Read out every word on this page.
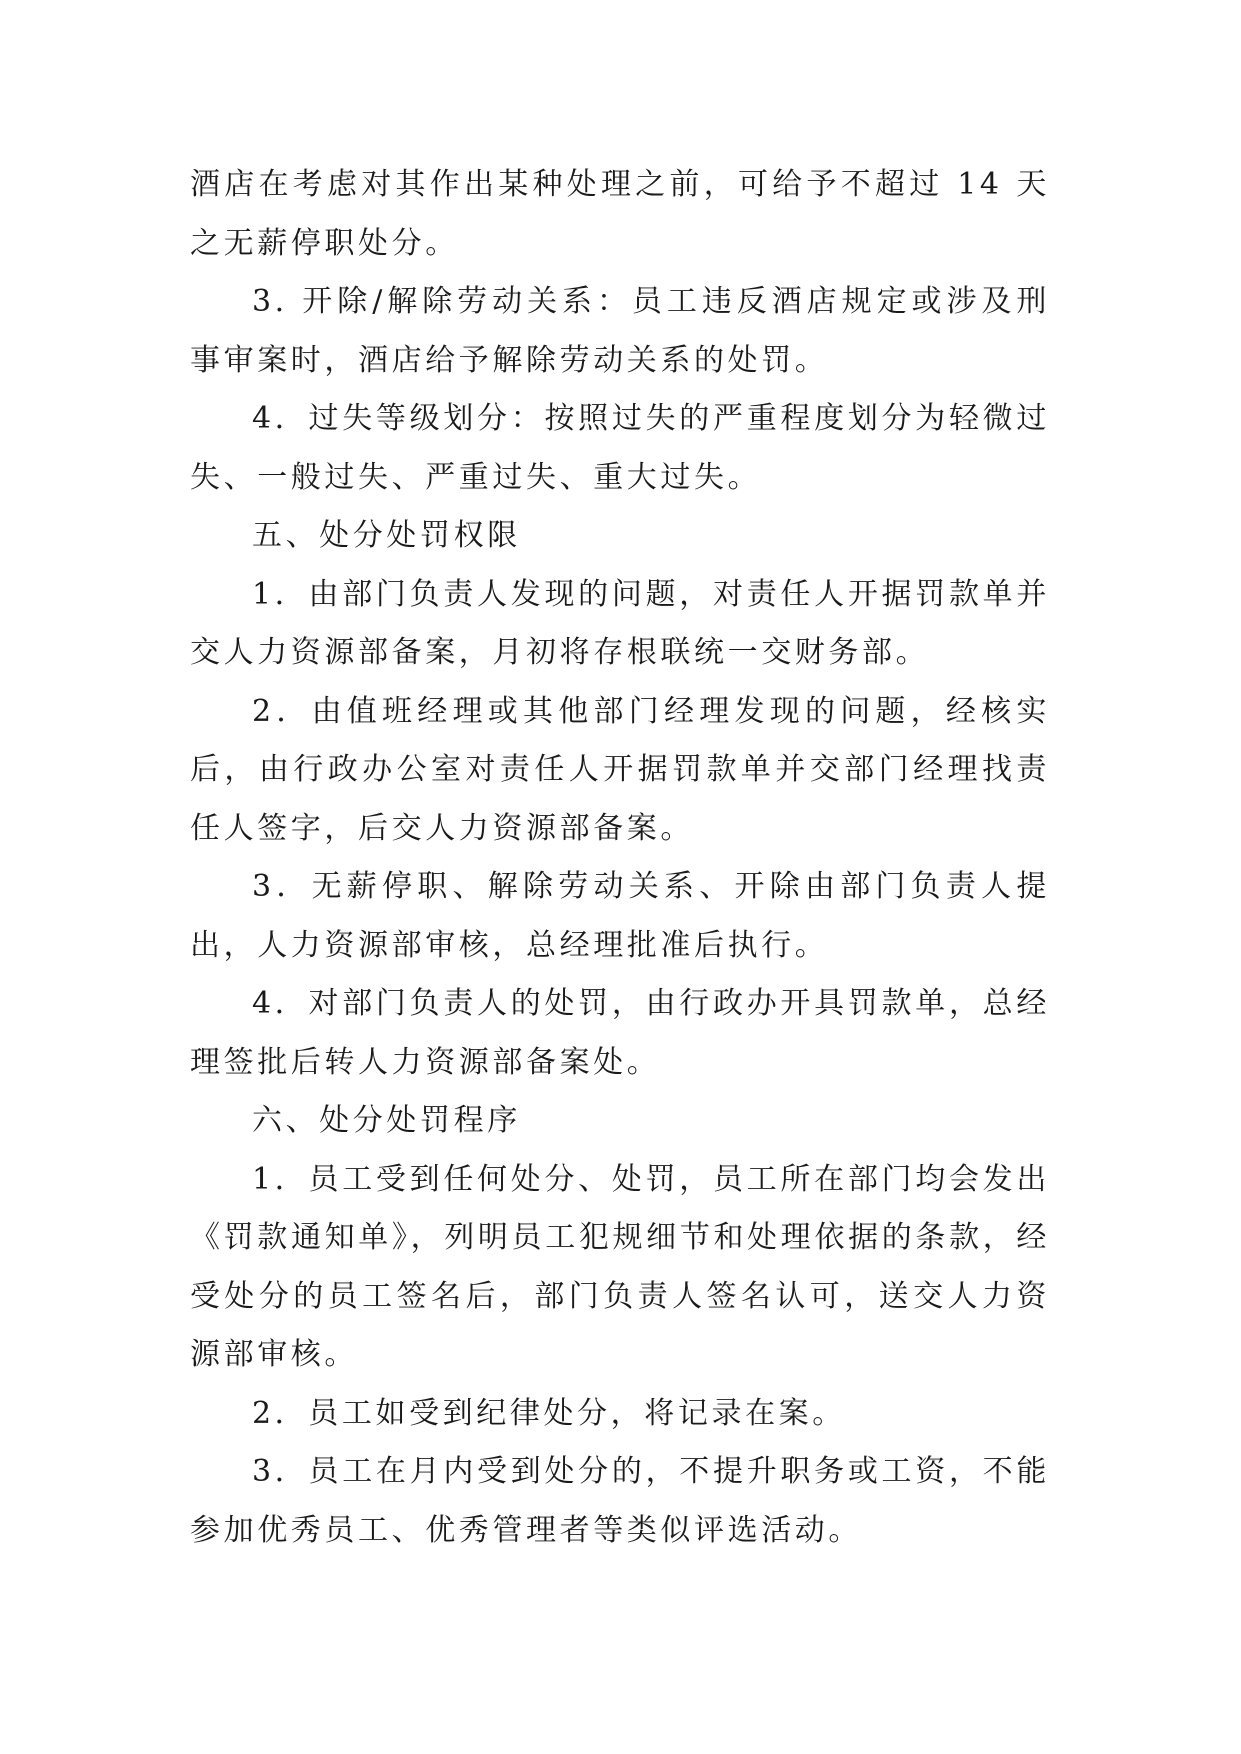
酒店在考虑对其作出某种处理之前，可给予不超过 14 天之无薪停职处分。

3. 开除/解除劳动关系：员工违反酒店规定或涉及刑事审案时，酒店给予解除劳动关系的处罚。

4．过失等级划分：按照过失的严重程度划分为轻微过失、一般过失、严重过失、重大过失。

五、处分处罚权限

1．由部门负责人发现的问题，对责任人开据罚款单并交人力资源部备案，月初将存根联统一交财务部。

2．由值班经理或其他部门经理发现的问题，经核实后，由行政办公室对责任人开据罚款单并交部门经理找责任人签字，后交人力资源部备案。

3．无薪停职、解除劳动关系、开除由部门负责人提出，人力资源部审核，总经理批准后执行。

4．对部门负责人的处罚，由行政办开具罚款单，总经理签批后转人力资源部备案处。

六、处分处罚程序

1．员工受到任何处分、处罚，员工所在部门均会发出《罚款通知单》，列明员工犯规细节和处理依据的条款，经受处分的员工签名后，部门负责人签名认可，送交人力资源部审核。

2．员工如受到纪律处分，将记录在案。

3．员工在月内受到处分的，不提升职务或工资，不能参加优秀员工、优秀管理者等类似评选活动。
